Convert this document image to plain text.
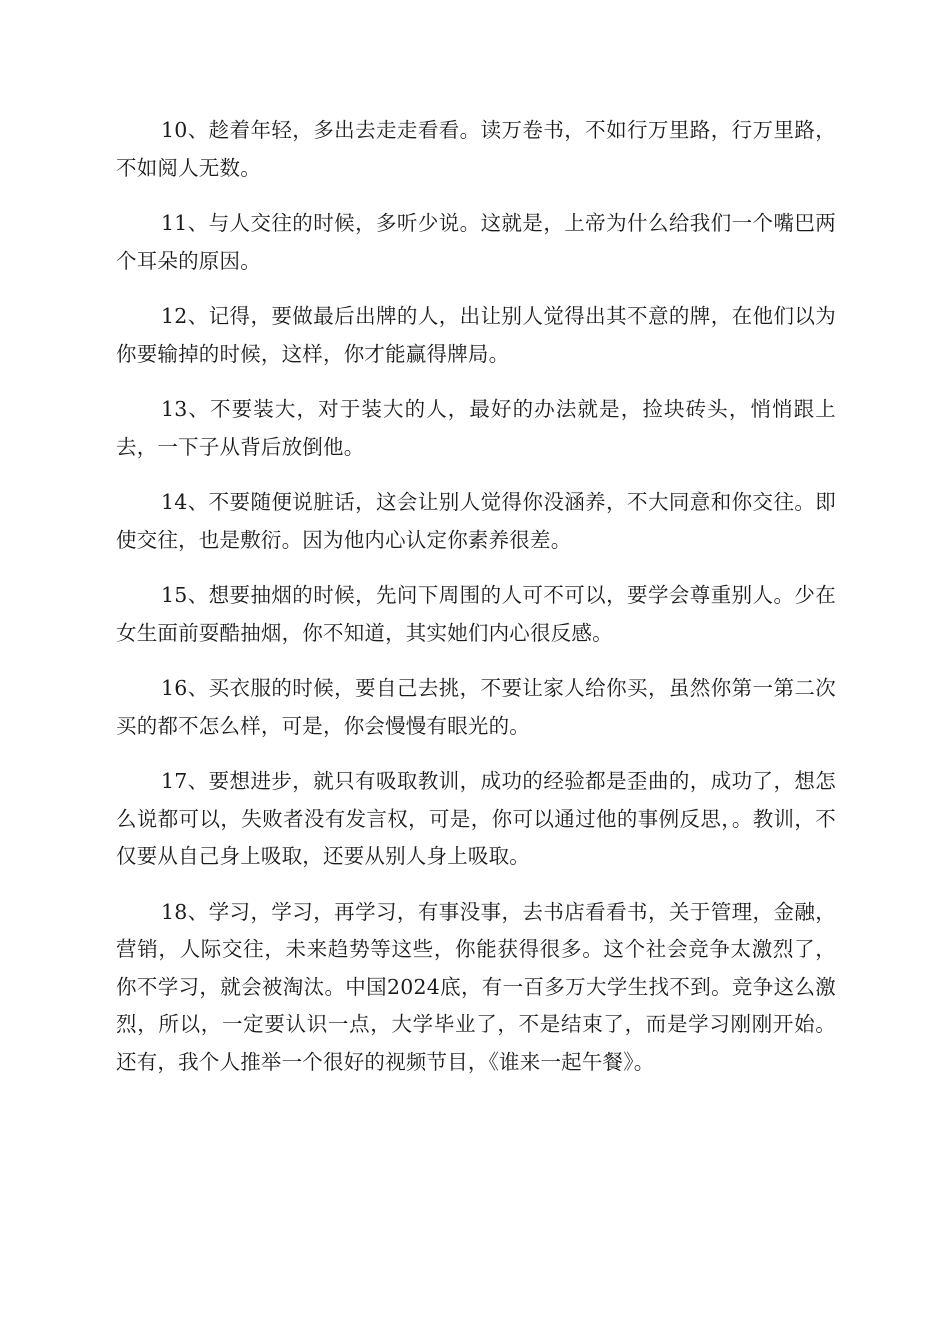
10、趁着年轻，多出去走走看看。读万卷书，不如行万里路，行万里路，不如阅人无数。

11、与人交往的时候，多听少说。这就是，上帝为什么给我们一个嘴巴两个耳朵的原因。

12、记得，要做最后出牌的人，出让别人觉得出其不意的牌，在他们以为你要输掉的时候，这样，你才能赢得牌局。

13、不要装大，对于装大的人，最好的办法就是，捡块砖头，悄悄跟上去，一下子从背后放倒他。

14、不要随便说脏话，这会让别人觉得你没涵养，不大同意和你交往。即使交往，也是敷衍。因为他内心认定你素养很差。

15、想要抽烟的时候，先问下周围的人可不可以，要学会尊重别人。少在女生面前耍酷抽烟，你不知道，其实她们内心很反感。

16、买衣服的时候，要自己去挑，不要让家人给你买，虽然你第一第二次买的都不怎么样，可是，你会慢慢有眼光的。

17、要想进步，就只有吸取教训，成功的经验都是歪曲的，成功了，想怎么说都可以，失败者没有发言权，可是，你可以通过他的事例反思，。教训，不仅要从自己身上吸取，还要从别人身上吸取。

18、学习，学习，再学习，有事没事，去书店看看书，关于管理，金融，营销，人际交往，未来趋势等这些，你能获得很多。这个社会竞争太激烈了，你不学习，就会被淘汰。中国2024底，有一百多万大学生找不到。竞争这么激烈，所以，一定要认识一点，大学毕业了，不是结束了，而是学习刚刚开始。还有，我个人推举一个很好的视频节目，《谁来一起午餐》。
